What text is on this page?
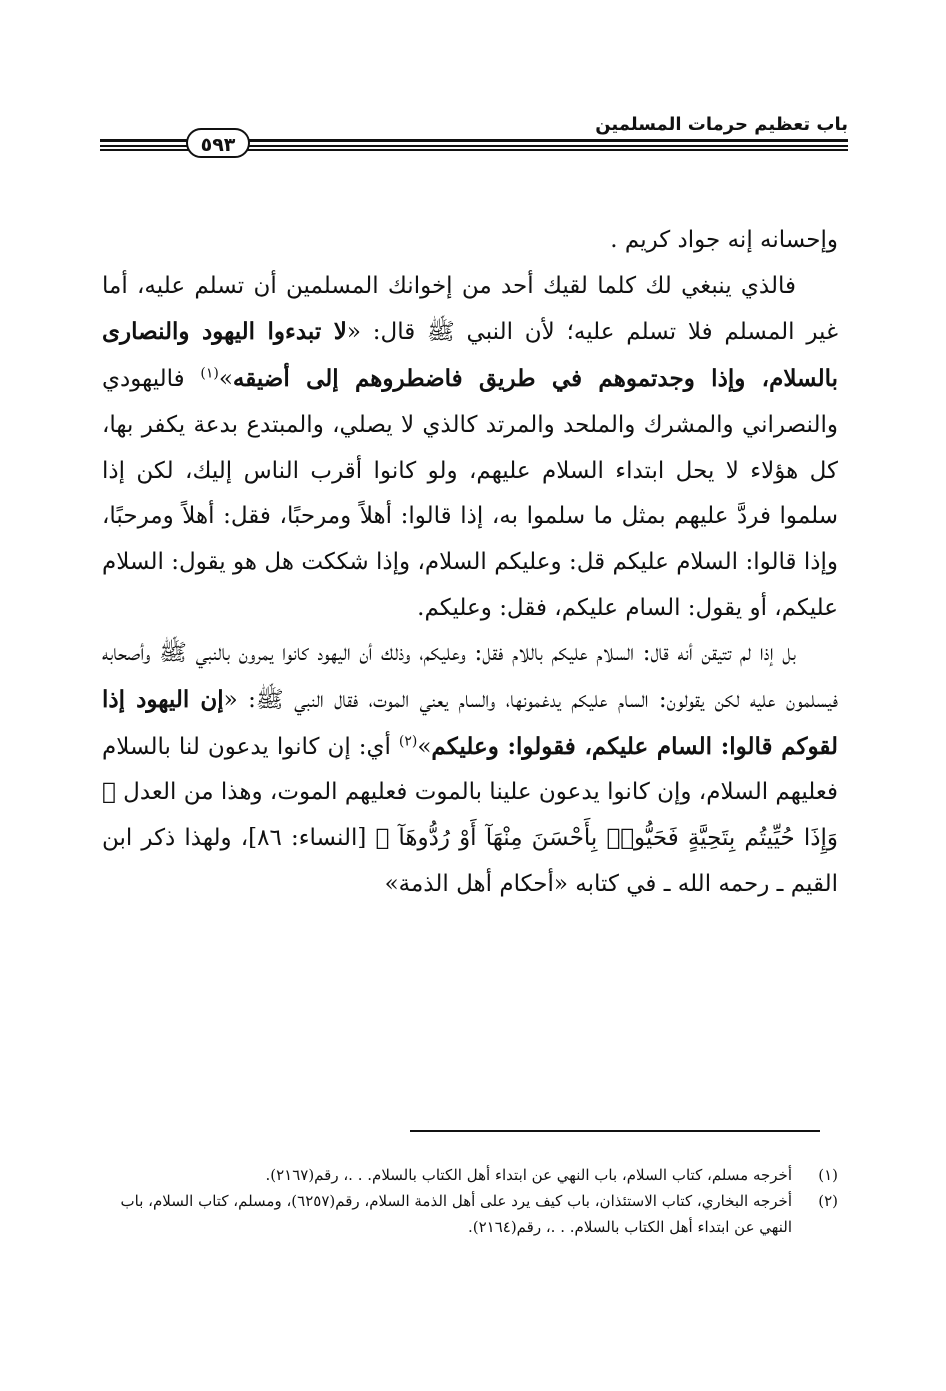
باب تعظيم حرمات المسلمين
٥٩٣

وإحسانه إنه جواد كريم .

فالذي ينبغي لك كلما لقيك أحد من إخوانك المسلمين أن تسلم عليه، أما غير المسلم فلا تسلم عليه؛ لأن النبي ﷺ قال: «لا تبدءوا اليهود والنصارى بالسلام، وإذا وجدتموهم في طريق فاضطروهم إلى أضيقه»$^{(١)}$ فاليهودي والنصراني والمشرك والملحد والمرتد كالذي لا يصلي، والمبتدع بدعة يكفر بها، كل هؤلاء لا يحل ابتداء السلام عليهم، ولو كانوا أقرب الناس إليك، لكن إذا سلموا فردَّ عليهم بمثل ما سلموا به، إذا قالوا: أهلاً ومرحبًا، فقل: أهلاً ومرحبًا، وإذا قالوا: السلام عليكم قل: وعليكم السلام، وإذا شككت هل هو يقول: السلام عليكم، أو يقول: السام عليكم، فقل: وعليكم.

بل إذا لم تتيقن أنه قال: السلام عليكم باللام فقل: وعليكم، وذلك أن اليهود كانوا يمرون بالنبي ﷺ وأصحابه فيسلمون عليه لكن يقولون: السام عليكم يدغمونها، والسام يعني الموت، فقال النبي ﷺ: «إن اليهود إذا لقوكم قالوا: السام عليكم، فقولوا: وعليكم»$^{(٢)}$ أي: إن كانوا يدعون لنا بالسلام فعليهم السلام، وإن كانوا يدعون علينا بالموت فعليهم الموت، وهذا من العدل ﴿ وَإِذَا حُيِّيتُم بِتَحِيَّةٍ فَحَيُّوا۟ بِأَحْسَنَ مِنْهَآ أَوْ رُدُّوهَآ ﴾ [النساء: ٨٦]، ولهذا ذكر ابن القيم ـ رحمه الله ـ في كتابه «أحكام أهل الذمة»

(١)
أخرجه مسلم، كتاب السلام، باب النهي عن ابتداء أهل الكتاب بالسلام. . .، رقم(٢١٦٧).

(٢)
أخرجه البخاري، كتاب الاستئذان، باب كيف يرد على أهل الذمة السلام، رقم(٦٢٥٧)، ومسلم، كتاب السلام، باب النهي عن ابتداء أهل الكتاب بالسلام. . .، رقم(٢١٦٤).
